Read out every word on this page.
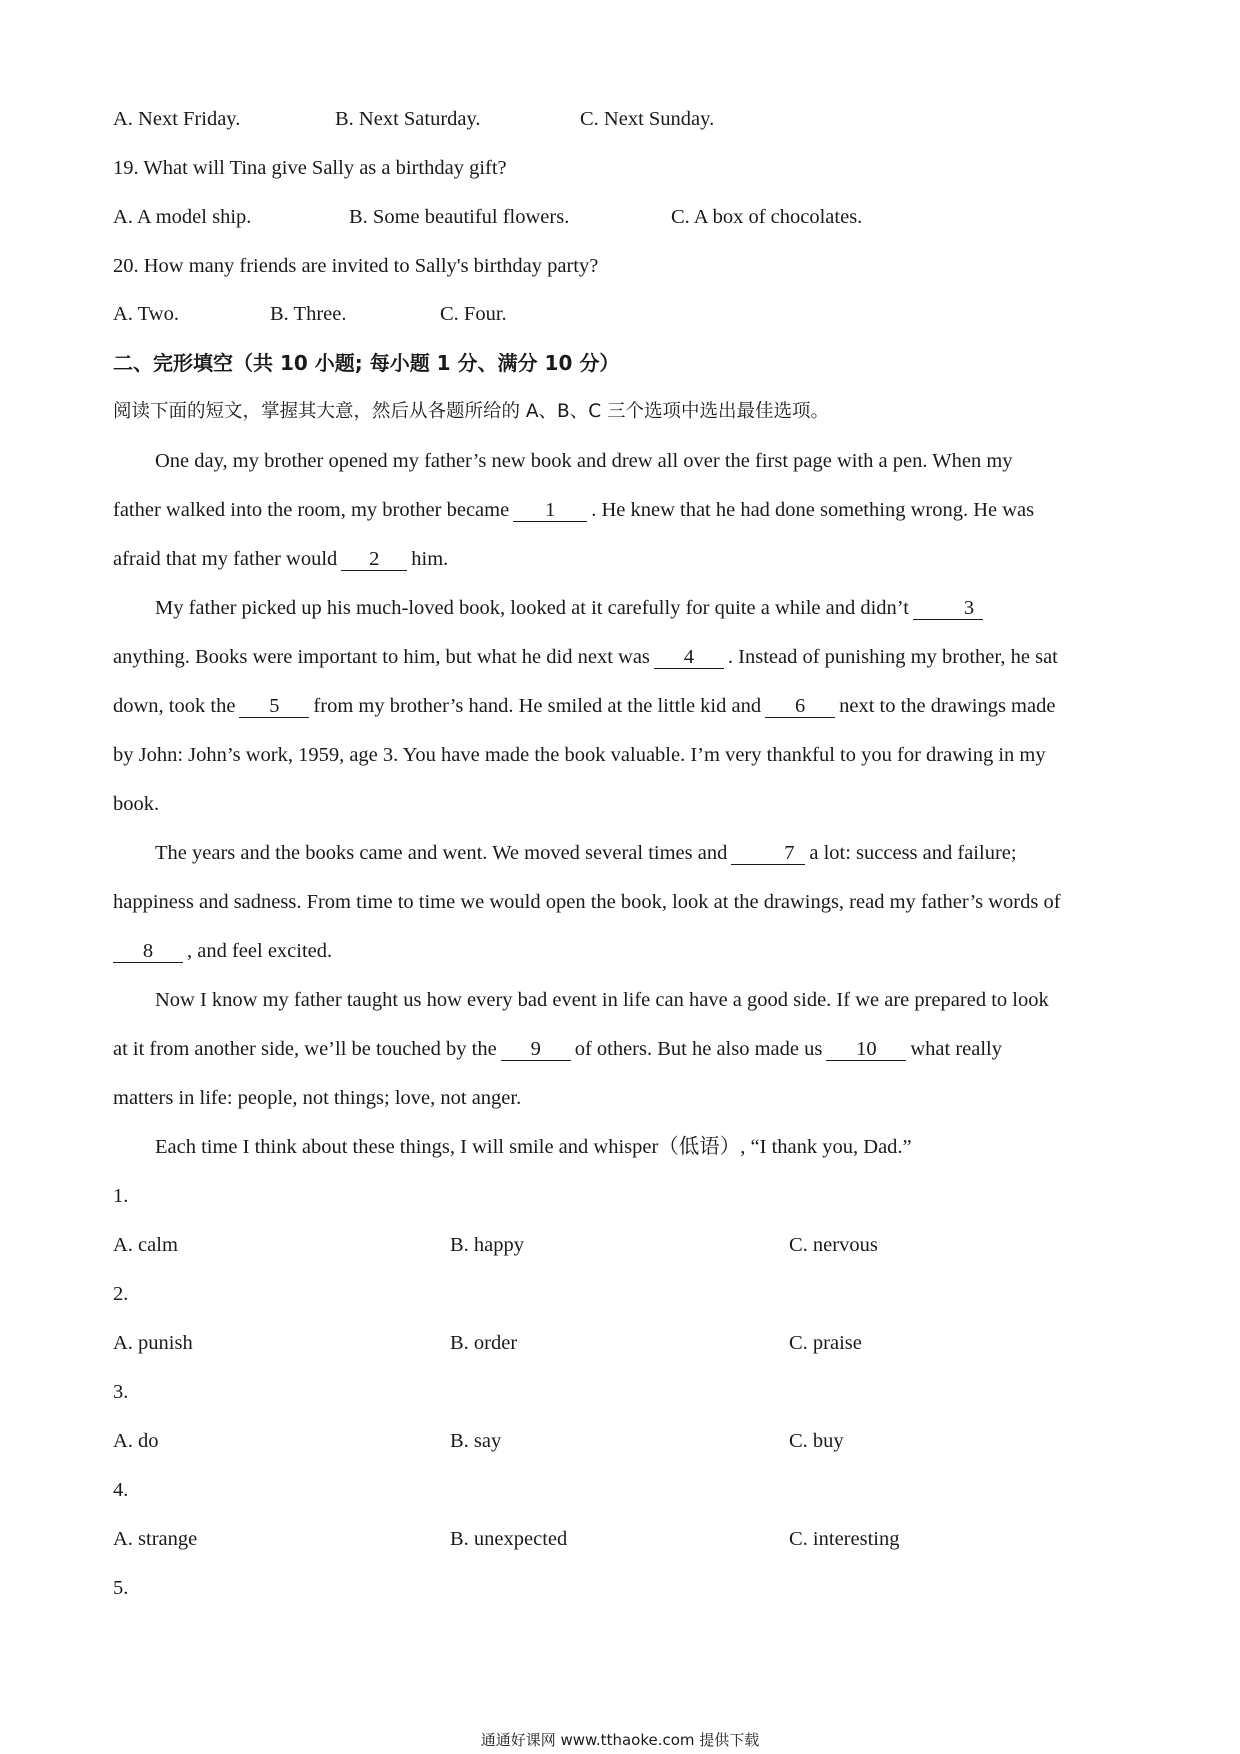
A. Next Friday.	B. Next Saturday.	C. Next Sunday.
19. What will Tina give Sally as a birthday gift?
A. A model ship.	B. Some beautiful flowers.	C. A box of chocolates.
20. How many friends are invited to Sally's birthday party?
A. Two.	B. Three.	C. Four.
二、完形填空（共 10 小题; 每小题 1 分、满分 10 分）
阅读下面的短文，掌握其大意，然后从各题所给的 A、B、C 三个选项中选出最佳选项。
One day, my brother opened my father’s new book and drew all over the first page with a pen. When my
father walked into the room, my brother became 1 . He knew that he had done something wrong. He was
afraid that my father would 2 him.
My father picked up his much-loved book, looked at it carefully for quite a while and didn’t	3
anything. Books were important to him, but what he did next was 4 . Instead of punishing my brother, he sat
down, took the 5 from my brother’s hand. He smiled at the little kid and 6 next to the drawings made
by John: John’s work, 1959, age 3. You have made the book valuable. I’m very thankful to you for drawing in my
book.
The years and the books came and went. We moved several times and	7 a lot: success and failure;
happiness and sadness. From time to time we would open the book, look at the drawings, read my father’s words of
8 , and feel excited.
Now I know my father taught us how every bad event in life can have a good side. If we are prepared to look
at it from another side, we’ll be touched by the 9 of others. But he also made us 10 what really
matters in life: people, not things; love, not anger.
Each time I think about these things, I will smile and whisper（低语）, “I thank you, Dad.”
1.
A. calm	B. happy	C. nervous
2.
A. punish	B. order	C. praise
3.
A. do	B. say	C. buy
4.
A. strange	B. unexpected	C. interesting
5.
通通好课网 www.tthaoke.com 提供下载
